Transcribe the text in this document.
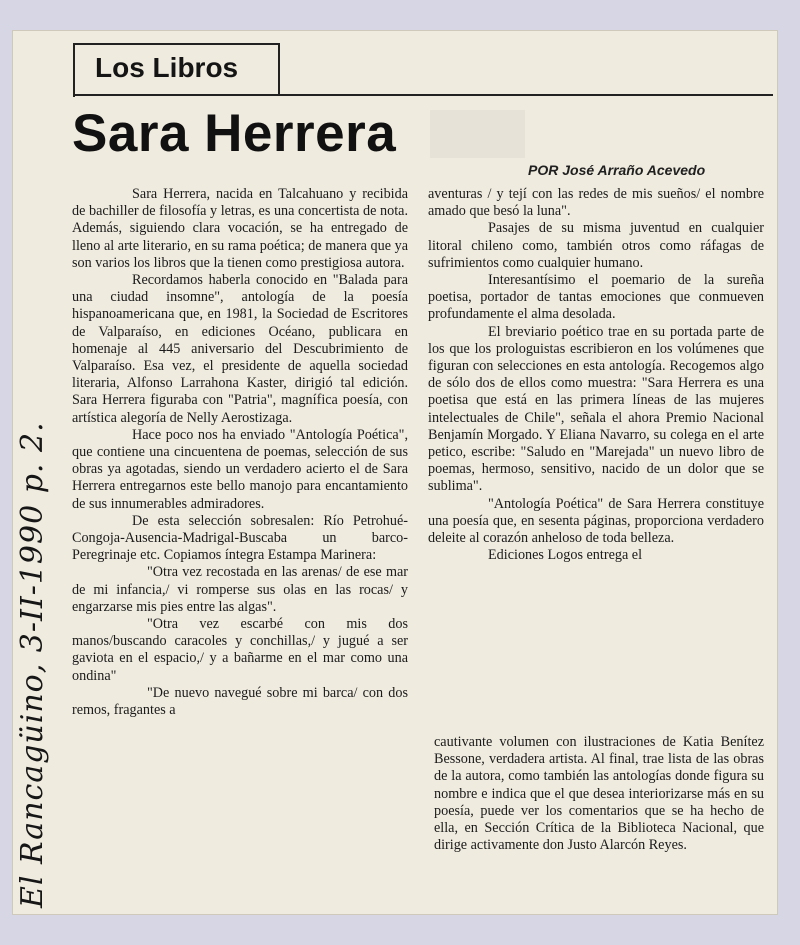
Los Libros
Sara Herrera
POR José Arraño Acevedo

Sara Herrera, nacida en Talcahuano y recibida de bachiller de filosofía y letras, es una concertista de nota. Además, siguiendo clara vocación, se ha entregado de lleno al arte literario, en su rama poética; de manera que ya son varios los libros que la tienen como prestigiosa autora.

Recordamos haberla conocido en "Balada para una ciudad insomne", antología de la poesía hispanoamericana que, en 1981, la Sociedad de Escritores de Valparaíso, en ediciones Océano, publicara en homenaje al 445 aniversario del Descubrimiento de Valparaíso. Esa vez, el presidente de aquella sociedad literaria, Alfonso Larrahona Kaster, dirigió tal edición. Sara Herrera figuraba con "Patria", magnífica poesía, con artística alegoría de Nelly Aerostizaga.

Hace poco nos ha enviado "Antología Poética", que contiene una cincuentena de poemas, selección de sus obras ya agotadas, siendo un verdadero acierto el de Sara Herrera entregarnos este bello manojo para encantamiento de sus innumerables admiradores.

De esta selección sobresalen: Río Petrohué-Congoja-Ausencia-Madrigal-Buscaba un barco-Peregrinaje etc. Copiamos íntegra Estampa Marinera:

"Otra vez recostada en las arenas/ de ese mar de mi infancia,/ vi romperse sus olas en las rocas/ y engarzarse mis pies entre las algas".

"Otra vez escarbé con mis dos manos/buscando caracoles y conchillas,/ y jugué a ser gaviota en el espacio,/ y a bañarme en el mar como una ondina"

"De nuevo navegué sobre mi barca/ con dos remos, fragantes a

aventuras / y tejí con las redes de mis sueños/ el nombre amado que besó la luna".

Pasajes de su misma juventud en cualquier litoral chileno como, también otros como ráfagas de sufrimientos como cualquier humano.

Interesantísimo el poemario de la sureña poetisa, portador de tantas emociones que conmueven profundamente el alma desolada.

El breviario poético trae en su portada parte de los que los prologuistas escribieron en los volúmenes que figuran con selecciones en esta antología. Recogemos algo de sólo dos de ellos como muestra: "Sara Herrera es una poetisa que está en las primera líneas de las mujeres intelectuales de Chile", señala el ahora Premio Nacional Benjamín Morgado. Y Eliana Navarro, su colega en el arte petico, escribe: "Saludo en "Marejada" un nuevo libro de poemas, hermoso, sensitivo, nacido de un dolor que se sublima".

"Antología Poética" de Sara Herrera constituye una poesía que, en sesenta páginas, proporciona verdadero deleite al corazón anheloso de toda belleza.

Ediciones Logos entrega el

cautivante volumen con ilustraciones de Katia Benítez Bessone, verdadera artista. Al final, trae lista de las obras de la autora, como también las antologías donde figura su nombre e indica que el que desea interiorizarse más en su poesía, puede ver los comentarios que se ha hecho de ella, en Sección Crítica de la Biblioteca Nacional, que dirige activamente don Justo Alarcón Reyes.

El Rancagüino, 3-II-1990 p. 2.
